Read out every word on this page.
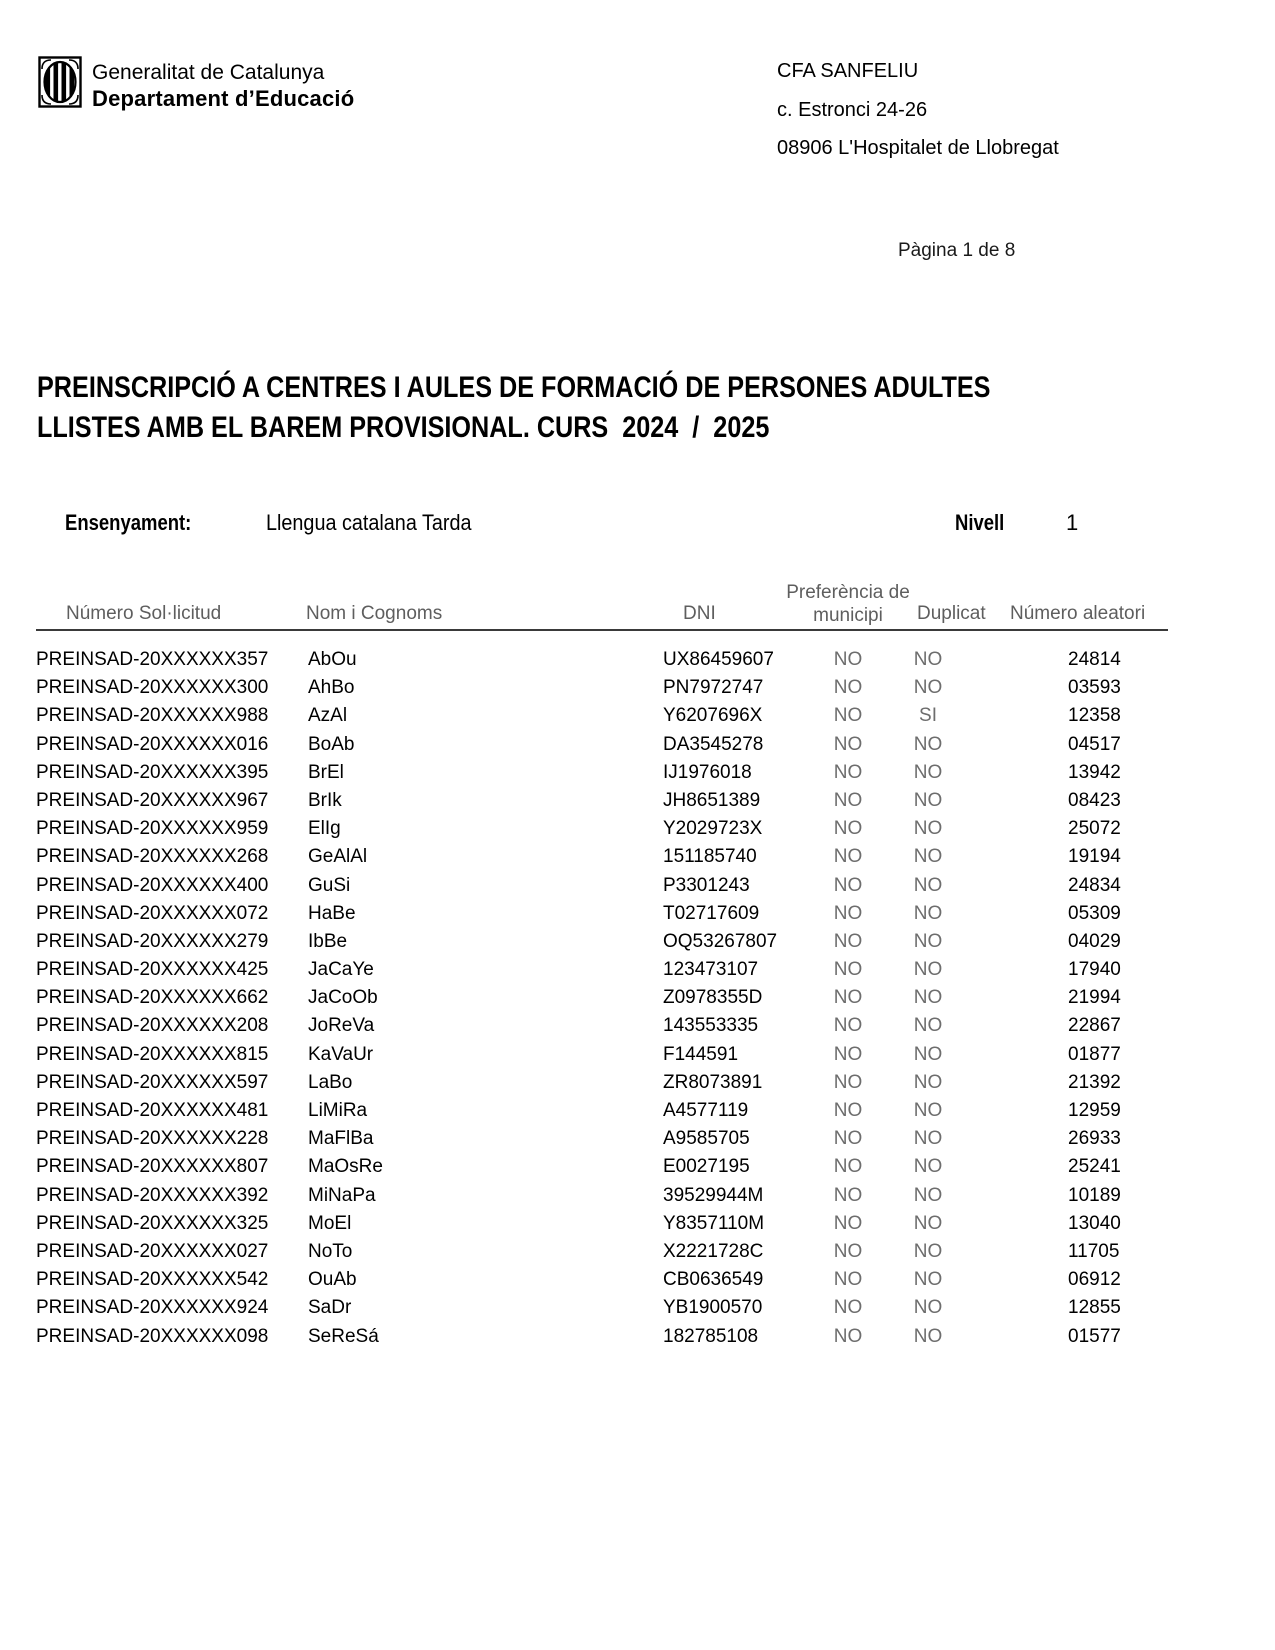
Generalitat de Catalunya
Departament d’Educació
CFA SANFELIU
c. Estronci 24-26
08906 L'Hospitalet de Llobregat
Pàgina 1 de 8
PREINSCRIPCIÓ A CENTRES I AULES DE FORMACIÓ DE PERSONES ADULTES
LLISTES AMB EL BAREM PROVISIONAL. CURS  2024  /  2025
Ensenyament:	Llengua catalana Tarda	Nivell	1
Número Sol·licitud	Nom i Cognoms	DNI
Preferència de municipi	Duplicat Número aleatori
PREINSAD-20XXXXXX357 AbOu	UX86459607	NO	NO	24814
PREINSAD-20XXXXXX300 AhBo	PN7972747	NO	NO	03593
PREINSAD-20XXXXXX988 AzAl	Y6207696X	NO	SI	12358
PREINSAD-20XXXXXX016 BoAb	DA3545278	NO	NO	04517
PREINSAD-20XXXXXX395 BrEl	IJ1976018	NO	NO	13942
PREINSAD-20XXXXXX967 BrIk	JH8651389	NO	NO	08423
PREINSAD-20XXXXXX959 ElIg	Y2029723X	NO	NO	25072
PREINSAD-20XXXXXX268 GeAlAl	151185740	NO	NO	19194
PREINSAD-20XXXXXX400 GuSi	P3301243	NO	NO	24834
PREINSAD-20XXXXXX072 HaBe	T02717609	NO	NO	05309
PREINSAD-20XXXXXX279 IbBe	OQ53267807	NO	NO	04029
PREINSAD-20XXXXXX425 JaCaYe	123473107	NO	NO	17940
PREINSAD-20XXXXXX662 JaCoOb	Z0978355D	NO	NO	21994
PREINSAD-20XXXXXX208 JoReVa	143553335	NO	NO	22867
PREINSAD-20XXXXXX815 KaVaUr	F144591	NO	NO	01877
PREINSAD-20XXXXXX597 LaBo	ZR8073891	NO	NO	21392
PREINSAD-20XXXXXX481 LiMiRa	A4577119	NO	NO	12959
PREINSAD-20XXXXXX228 MaFlBa	A9585705	NO	NO	26933
PREINSAD-20XXXXXX807 MaOsRe	E0027195	NO	NO	25241
PREINSAD-20XXXXXX392 MiNaPa	39529944M	NO	NO	10189
PREINSAD-20XXXXXX325 MoEl	Y8357110M	NO	NO	13040
PREINSAD-20XXXXXX027 NoTo	X2221728C	NO	NO	11705
PREINSAD-20XXXXXX542 OuAb	CB0636549	NO	NO	06912
PREINSAD-20XXXXXX924 SaDr	YB1900570	NO	NO	12855
PREINSAD-20XXXXXX098 SeReSá	182785108	NO	NO	01577
